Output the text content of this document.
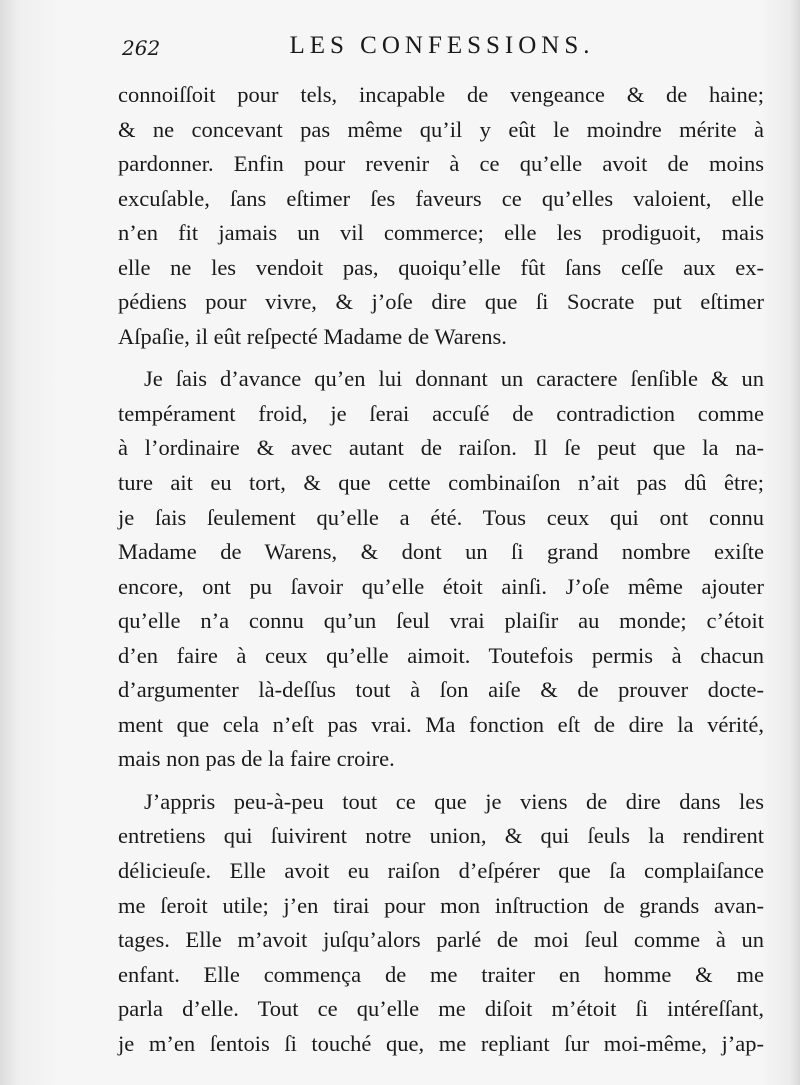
262	LES CONFESSIONS.
connoiſſoit pour tels, incapable de vengeance & de haine;
& ne concevant pas même qu’il y eût le moindre mérite à
pardonner. Enfin pour revenir à ce qu’elle avoit de moins
excuſable, ſans eſtimer ſes faveurs ce qu’elles valoient, elle
n’en fit jamais un vil commerce; elle les prodiguoit, mais
elle ne les vendoit pas, quoiqu’elle fût ſans ceſſe aux ex-
pédiens pour vivre, & j’oſe dire que ſi Socrate put eſtimer
Aſpaſie, il eût reſpecté Madame de Warens.
Je ſais d’avance qu’en lui donnant un caractere ſenſible & un
tempérament froid, je ſerai accuſé de contradiction comme
à l’ordinaire & avec autant de raiſon. Il ſe peut que la na-
ture ait eu tort, & que cette combinaiſon n’ait pas dû être;
je ſais ſeulement qu’elle a été. Tous ceux qui ont connu
Madame de Warens, & dont un ſi grand nombre exiſte
encore, ont pu ſavoir qu’elle étoit ainſi. J’oſe même ajouter
qu’elle n’a connu qu’un ſeul vrai plaiſir au monde; c’étoit
d’en faire à ceux qu’elle aimoit. Toutefois permis à chacun
d’argumenter là-deſſus tout à ſon aiſe & de prouver docte-
ment que cela n’eſt pas vrai. Ma fonction eſt de dire la vérité,
mais non pas de la faire croire.
J’appris peu-à-peu tout ce que je viens de dire dans les
entretiens qui ſuivirent notre union, & qui ſeuls la rendirent
délicieuſe. Elle avoit eu raiſon d’eſpérer que ſa complaiſance
me ſeroit utile; j’en tirai pour mon inſtruction de grands avan-
tages. Elle m’avoit juſqu’alors parlé de moi ſeul comme à un
enfant. Elle commença de me traiter en homme & me
parla d’elle. Tout ce qu’elle me diſoit m’étoit ſi intéreſſant,
je m’en ſentois ſi touché que, me repliant ſur moi-même, j’ap-
